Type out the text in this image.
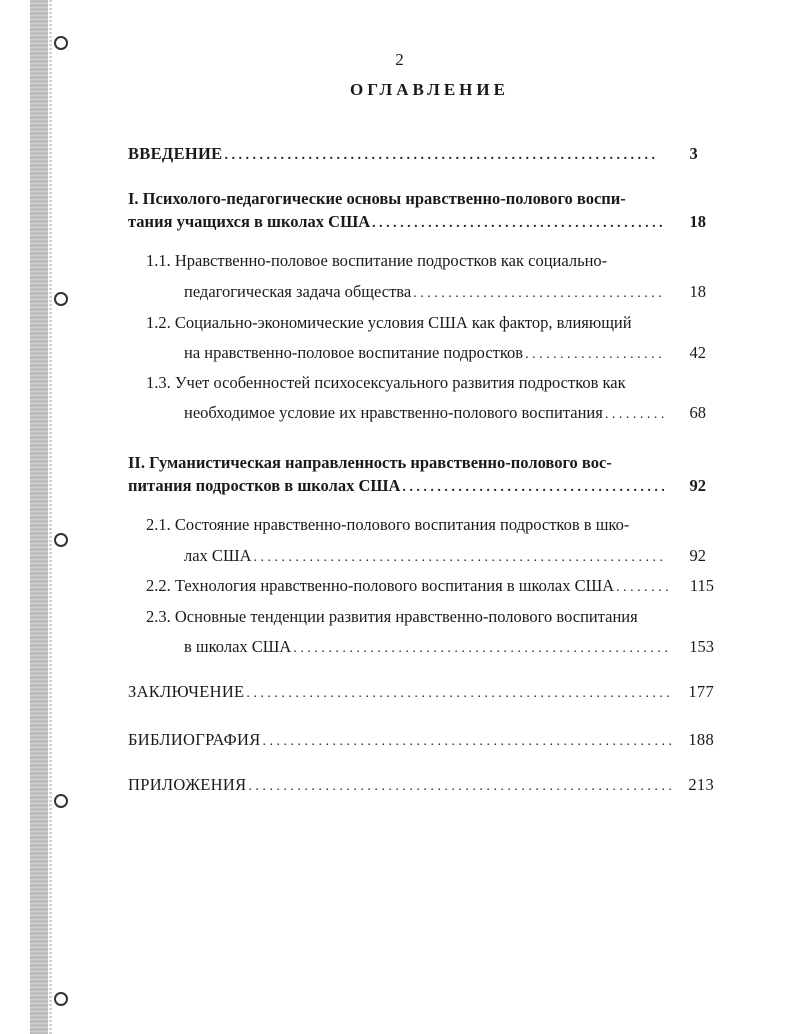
2
ОГЛАВЛЕНИЕ
ВВЕДЕНИЕ . . .	3
I. Психолого-педагогические основы нравственно-полового воспи-
тания учащихся в школах США . . .	18
1.1. Нравственно-половое воспитание подростков как социально-
педагогическая задача общества . . .	18
1.2. Социально-экономические условия США как фактор, влияющий
на нравственно-половое воспитание подростков . . .	42
1.3. Учет особенностей психосексуального развития подростков как
необходимое условие их нравственно-полового воспитания . . .	68
II. Гуманистическая направленность нравственно-полового вос-
питания подростков в школах США . . .	92
2.1. Состояние нравственно-полового воспитания подростков в шко-
лах США . . .	92
2.2. Технология нравственно-полового воспитания в школах США . . .	115
2.3. Основные тенденции развития нравственно-полового воспитания
в школах США . . .	153
ЗАКЛЮЧЕНИЕ . . .	177
БИБЛИОГРАФИЯ . . .	188
ПРИЛОЖЕНИЯ . . .	213
